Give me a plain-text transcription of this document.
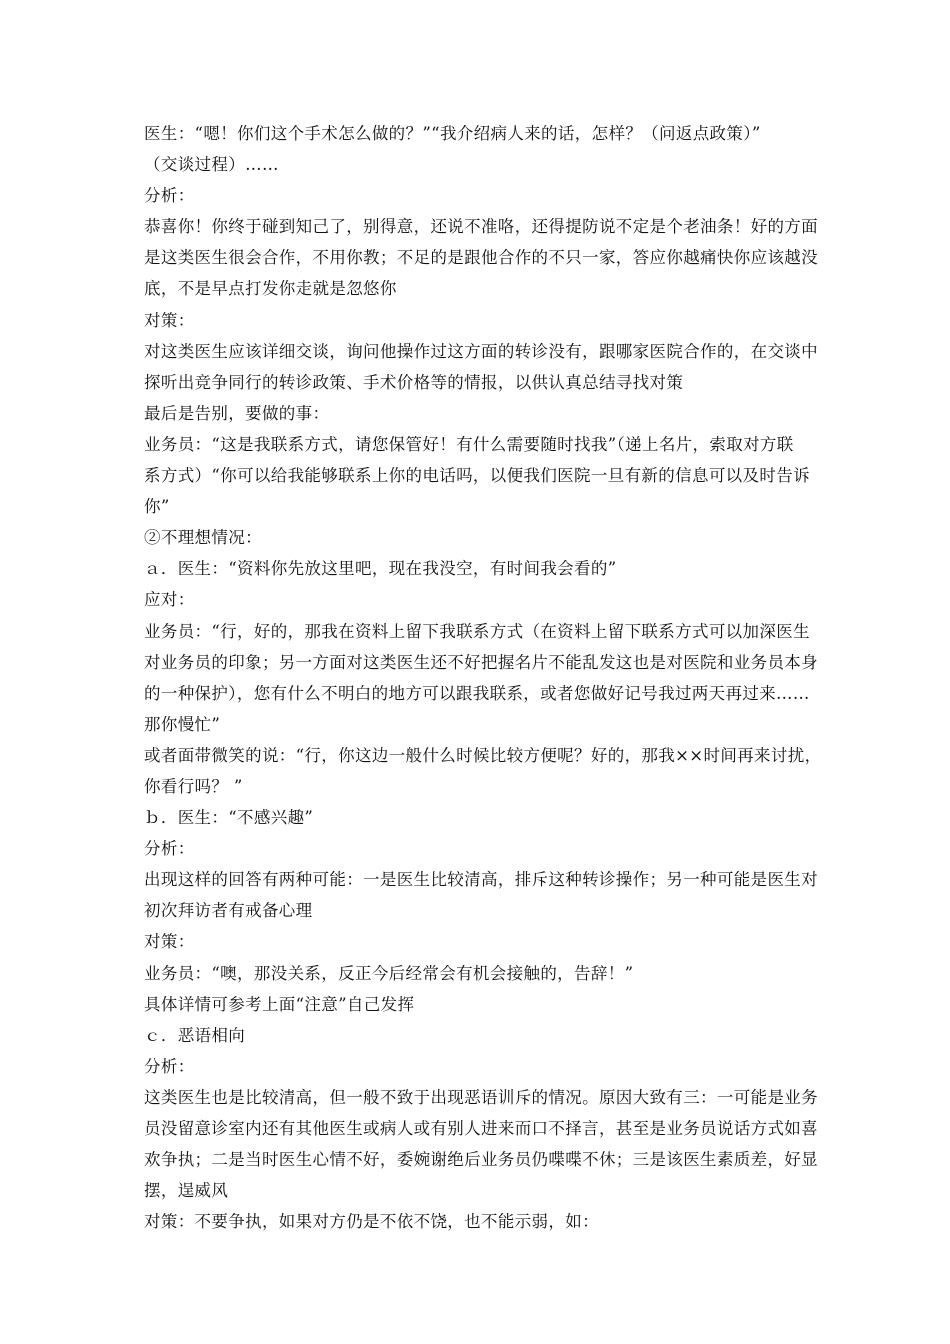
医生：“嗯！你们这个手术怎么做的？”“我介绍病人来的话，怎样？（问返点政策）”
（交谈过程）……
分析：
恭喜你！你终于碰到知己了，别得意，还说不准咯，还得提防说不定是个老油条！好的方面
是这类医生很会合作，不用你教；不足的是跟他合作的不只一家，答应你越痛快你应该越没
底，不是早点打发你走就是忽悠你
对策：
对这类医生应该详细交谈，询问他操作过这方面的转诊没有，跟哪家医院合作的，在交谈中
探听出竞争同行的转诊政策、手术价格等的情报，以供认真总结寻找对策
最后是告别，要做的事：
业务员：“这是我联系方式，请您保管好！有什么需要随时找我”（递上名片，索取对方联
系方式）“你可以给我能够联系上你的电话吗，以便我们医院一旦有新的信息可以及时告诉
你”
②不理想情况：
ａ．医生：“资料你先放这里吧，现在我没空，有时间我会看的”
应对：
业务员：“行，好的，那我在资料上留下我联系方式（在资料上留下联系方式可以加深医生
对业务员的印象；另一方面对这类医生还不好把握名片不能乱发这也是对医院和业务员本身
的一种保护），您有什么不明白的地方可以跟我联系，或者您做好记号我过两天再过来……
那你慢忙”
或者面带微笑的说：“行，你这边一般什么时候比较方便呢？好的，那我××时间再来讨扰，
你看行吗？ ”
ｂ．医生：“不感兴趣”
分析：
出现这样的回答有两种可能：一是医生比较清高，排斥这种转诊操作；另一种可能是医生对
初次拜访者有戒备心理
对策：
业务员：“噢，那没关系，反正今后经常会有机会接触的，告辞！”
具体详情可参考上面“注意”自己发挥
ｃ．恶语相向
分析：
这类医生也是比较清高，但一般不致于出现恶语训斥的情况。原因大致有三：一可能是业务
员没留意诊室内还有其他医生或病人或有别人进来而口不择言，甚至是业务员说话方式如喜
欢争执；二是当时医生心情不好，委婉谢绝后业务员仍喋喋不休；三是该医生素质差，好显
摆，逞威风
对策：不要争执，如果对方仍是不依不饶，也不能示弱，如：
